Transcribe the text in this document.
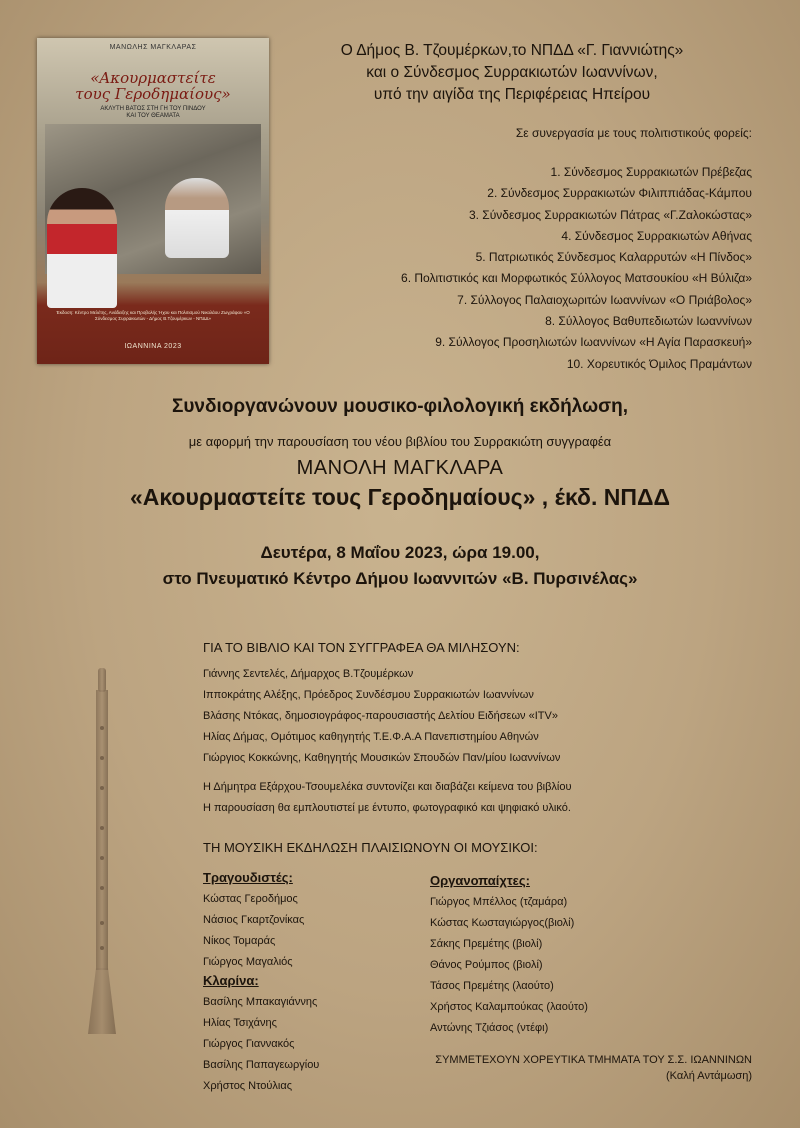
ΜΑΝΩΛΗΣ ΜΑΓΚΛΑΡΑΣ
«Ακουρμαστείτε
τους Γεροδημαίους»
ΑΚΛΥΤΗ ΒΑΤΟΣ ΣΤΗ ΓΗ ΤΟΥ ΠΙΝΔΟΥ
ΚΑΙ ΤΟΥ ΘΕΑΜΑΤΑ
Έκδοση: Κέντρο Μελέτης, Ανάδειξης και Προβολής Ήχου και Πολιτισμού Νικολάου Ζωγράφου «Ο Σύνδεσμος Συρρακιωτών - Δήμος Β.Τζουμέρκων - ΝΠΔΔ»
ΙΩΑΝΝΙΝΑ 2023
Ο Δήμος Β. Τζουμέρκων,το ΝΠΔΔ «Γ. Γιαννιώτης»
και ο Σύνδεσμος Συρρακιωτών Ιωαννίνων,
υπό την αιγίδα της Περιφέρειας Ηπείρου
Σε συνεργασία με τους πολιτιστικούς φορείς:
1. Σύνδεσμος Συρρακιωτών Πρέβεζας
2. Σύνδεσμος Συρρακιωτών Φιλιππιάδας-Κάμπου
3. Σύνδεσμος Συρρακιωτών Πάτρας «Γ.Ζαλοκώστας»
4. Σύνδεσμος Συρρακιωτών Αθήνας
5. Πατριωτικός Σύνδεσμος Καλαρρυτών «Η Πίνδος»
6. Πολιτιστικός και Μορφωτικός Σύλλογος Ματσουκίου «Η Βύλιζα»
7. Σύλλογος Παλαιοχωριτών Ιωαννίνων «Ο Πριάβολος»
8. Σύλλογος Βαθυπεδιωτών Ιωαννίνων
9. Σύλλογος Προσηλιωτών Ιωαννίνων «Η Αγία Παρασκευή»
10. Χορευτικός Όμιλος Πραμάντων
Συνδιοργανώνουν μουσικο-φιλολογική εκδήλωση,
με αφορμή την παρουσίαση του νέου βιβλίου του Συρρακιώτη συγγραφέα
ΜΑΝΟΛΗ ΜΑΓΚΛΑΡΑ
«Ακουρμαστείτε τους Γεροδημαίους» , έκδ. ΝΠΔΔ
Δευτέρα, 8 Μαΐου 2023, ώρα 19.00,
στο Πνευματικό Κέντρο Δήμου Ιωαννιτών «Β. Πυρσινέλας»
ΓΙΑ ΤΟ ΒΙΒΛΙΟ ΚΑΙ ΤΟΝ ΣΥΓΓΡΑΦΕΑ ΘΑ ΜΙΛΗΣΟΥΝ:
Γιάννης Σεντελές, Δήμαρχος Β.Τζουμέρκων
Ιπποκράτης Αλέξης, Πρόεδρος Συνδέσμου Συρρακιωτών Ιωαννίνων
Βλάσης Ντόκας, δημοσιογράφος-παρουσιαστής Δελτίου Ειδήσεων «ITV»
Ηλίας Δήμας, Ομότιμος καθηγητής Τ.Ε.Φ.Α.Α Πανεπιστημίου Αθηνών
Γιώργιος Κοκκώνης, Καθηγητής Μουσικών Σπουδών Παν/μίου Ιωαννίνων
Η Δήμητρα Εξάρχου-Τσουμελέκα συντονίζει και διαβάζει κείμενα του βιβλίου
Η παρουσίαση θα εμπλουτιστεί με έντυπο, φωτογραφικό και ψηφιακό υλικό.
ΤΗ ΜΟΥΣΙΚΗ ΕΚΔΗΛΩΣΗ ΠΛΑΙΣΙΩΝΟΥΝ ΟΙ ΜΟΥΣΙΚΟΙ:
Τραγουδιστές:
Κώστας Γεροδήμος
Νάσιος Γκαρτζονίκας
Νίκος Τομαράς
Γιώργος Μαγαλιός
Κλαρίνα:
Βασίλης Μπακαγιάννης
Ηλίας Τσιχάνης
Γιώργος Γιαννακός
Βασίλης Παπαγεωργίου
Χρήστος Ντούλιας
Οργανοπαίχτες:
Γιώργος Μπέλλος (τζαμάρα)
Κώστας Κωσταγιώργος(βιολί)
Σάκης Πρεμέτης (βιολί)
Θάνος Ρούμπος (βιολί)
Τάσος Πρεμέτης (λαούτο)
Χρήστος Καλαμπούκας (λαούτο)
Αντώνης Τζιάσος (ντέφι)
ΣΥΜΜΕΤΕΧΟΥΝ ΧΟΡΕΥΤΙΚΑ ΤΜΗΜΑΤΑ ΤΟΥ Σ.Σ. ΙΩΑΝΝΙΝΩΝ
(Καλή Αντάμωση)
